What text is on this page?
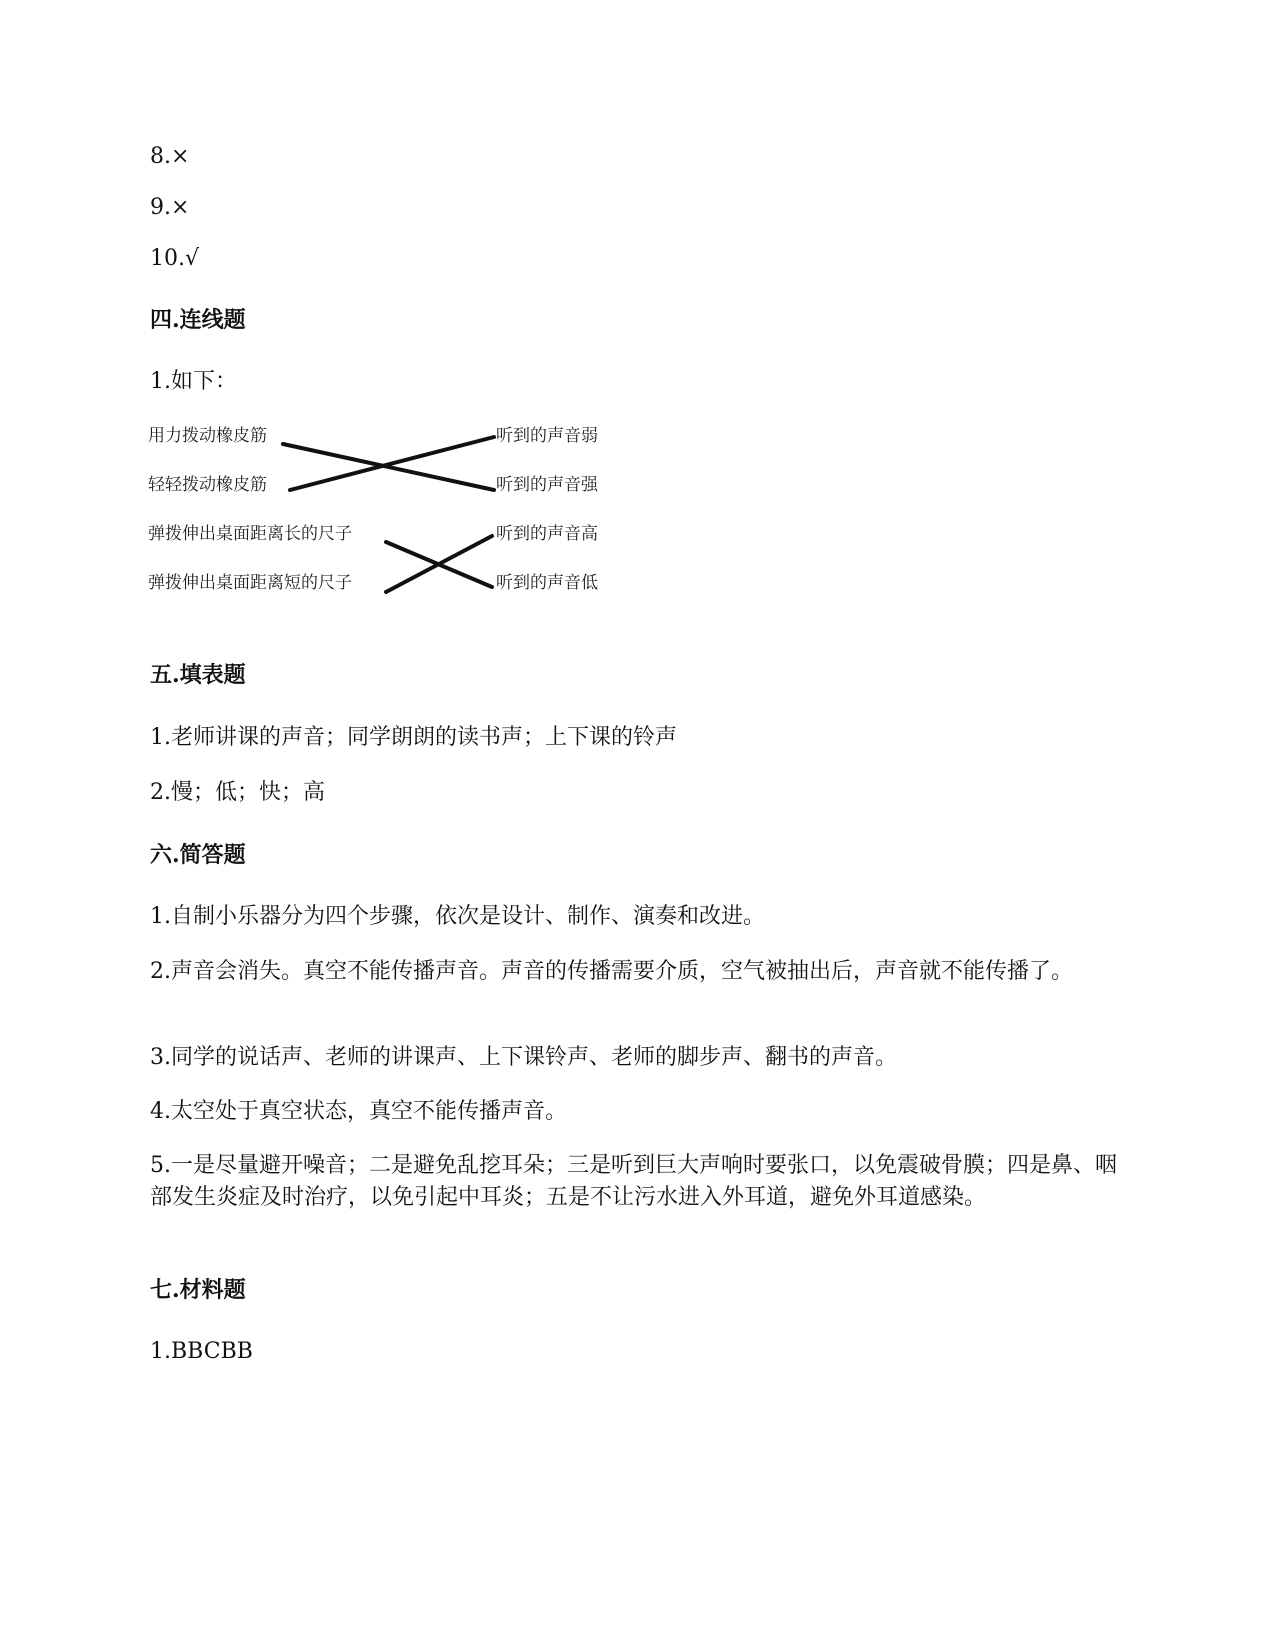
8.×
9.×
10.√
四.连线题
1.如下：
用力拨动橡皮筋
轻轻拨动橡皮筋
弹拨伸出桌面距离长的尺子
弹拨伸出桌面距离短的尺子
听到的声音弱
听到的声音强
听到的声音高
听到的声音低
五.填表题
1.老师讲课的声音；同学朗朗的读书声；上下课的铃声
2.慢；低；快；高
六.简答题
1.自制小乐器分为四个步骤，依次是设计、制作、演奏和改进。
2.声音会消失。真空不能传播声音。声音的传播需要介质，空气被抽出后，声音就不能传播了。
3.同学的说话声、老师的讲课声、上下课铃声、老师的脚步声、翻书的声音。
4.太空处于真空状态，真空不能传播声音。
5.一是尽量避开噪音；二是避免乱挖耳朵；三是听到巨大声响时要张口，以免震破骨膜；四是鼻、咽部发生炎症及时治疗，以免引起中耳炎；五是不让污水进入外耳道，避免外耳道感染。
七.材料题
1.BBCBB
